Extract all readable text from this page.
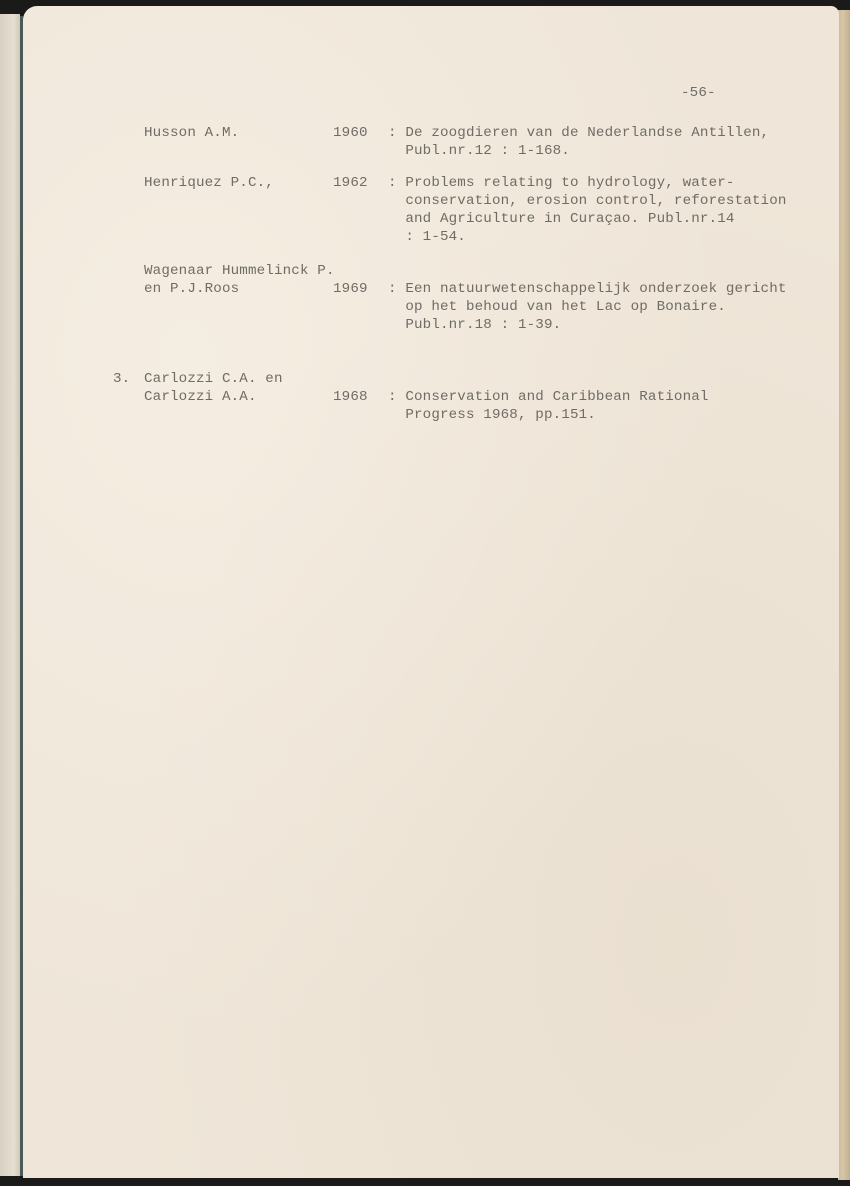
-56-
Husson A.M.	1960 : De zoogdieren van de Nederlandse Antillen,
Publ.nr.12 : 1-168.
Henriquez P.C.,	1962 : Problems relating to hydrology, water-
conservation, erosion control, reforestation
and Agriculture in Curaçao. Publ.nr.14
: 1-54.
Wagenaar Hummelinck P.
en P.J.Roos	1969 : Een natuurwetenschappelijk onderzoek gericht
op het behoud van het Lac op Bonaire.
Publ.nr.18 : 1-39.
3. Carlozzi C.A. en
Carlozzi A.A.	1968 : Conservation and Caribbean Rational
Progress 1968, pp.151.
